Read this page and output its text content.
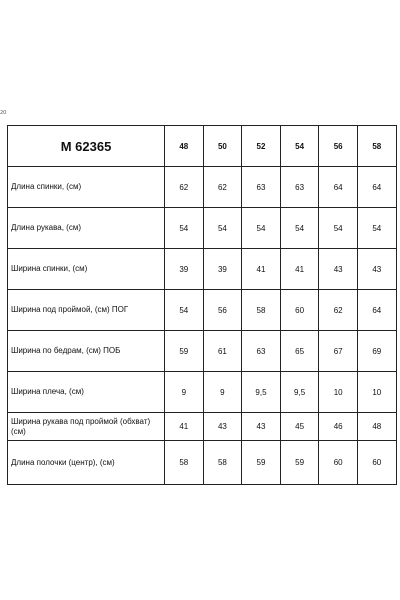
20
M 62365	48	50	52	54	56	58
Длина спинки, (см)	62	62	63	63	64	64
Длина рукава, (см)	54	54	54	54	54	54
Ширина спинки, (см)	39	39	41	41	43	43
Ширина под проймой, (см) ПОГ	54	56	58	60	62	64
Ширина по бедрам, (см) ПОБ	59	61	63	65	67	69
Ширина плеча, (см)	9	9	9,5	9,5	10	10
Ширина рукава под проймой (обхват) (см)	41	43	43	45	46	48
Длина полочки (центр), (см)	58	58	59	59	60	60
